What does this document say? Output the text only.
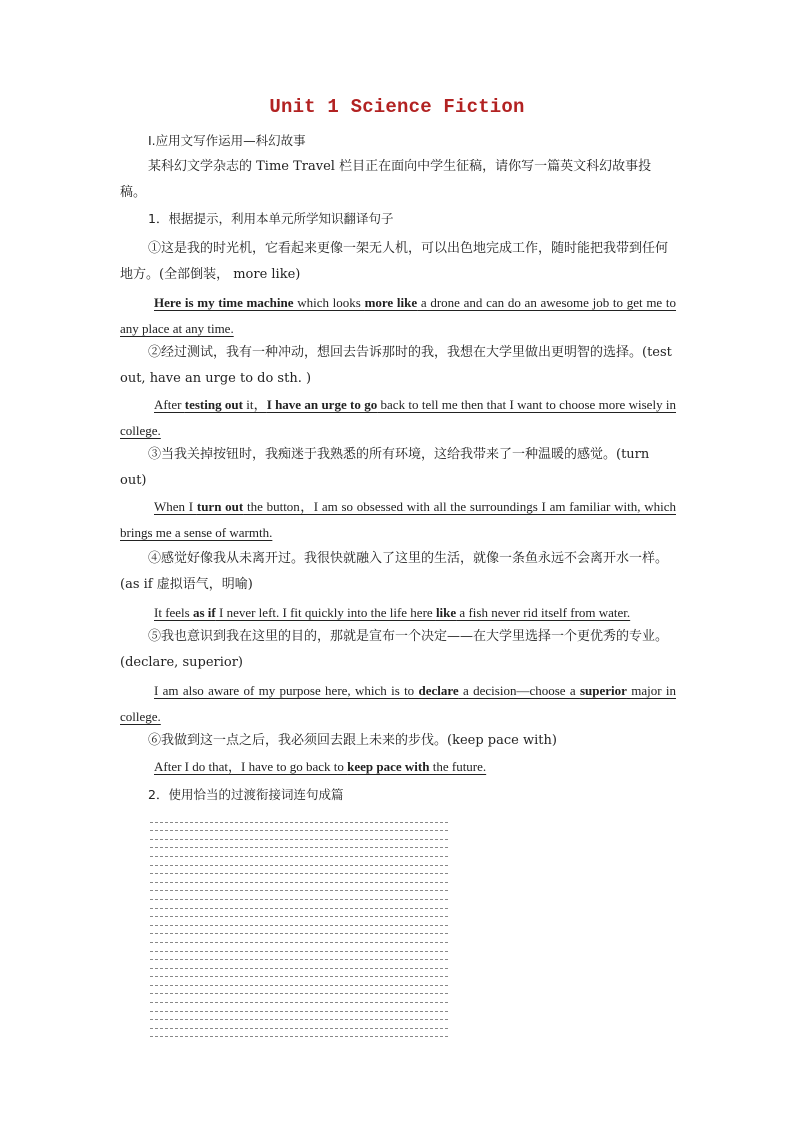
Unit 1 Science Fiction
Ⅰ.应用文写作运用—科幻故事
某科幻文学杂志的 Time Travel 栏目正在面向中学生征稿，请你写一篇英文科幻故事投稿。
1．根据提示，利用本单元所学知识翻译句子
①这是我的时光机，它看起来更像一架无人机，可以出色地完成工作，随时能把我带到任何地方。(全部倒装， more like)
Here is my time machine which looks more like a drone and can do an awesome job to get me to any place at any time.
②经过测试，我有一种冲动，想回去告诉那时的我，我想在大学里做出更明智的选择。(test out, have an urge to do sth. )
After testing out it，I have an urge to go back to tell me then that I want to choose more wisely in college.
③当我关掉按钮时，我痴迷于我熟悉的所有环境，这给我带来了一种温暖的感觉。(turn out)
When I turn out the button，I am so obsessed with all the surroundings I am familiar with, which brings me a sense of warmth.
④感觉好像我从未离开过。我很快就融入了这里的生活，就像一条鱼永远不会离开水一样。(as if 虚拟语气，明喻)
It feels as if I never left. I fit quickly into the life here like a fish never rid itself from water.
⑤我也意识到我在这里的目的，那就是宣布一个决定——在大学里选择一个更优秀的专业。(declare, superior)
I am also aware of my purpose here, which is to declare a decision—choose a superior major in college.
⑥我做到这一点之后，我必须回去跟上未来的步伐。(keep pace with)
After I do that，I have to go back to keep pace with the future.
2．使用恰当的过渡衔接词连句成篇
